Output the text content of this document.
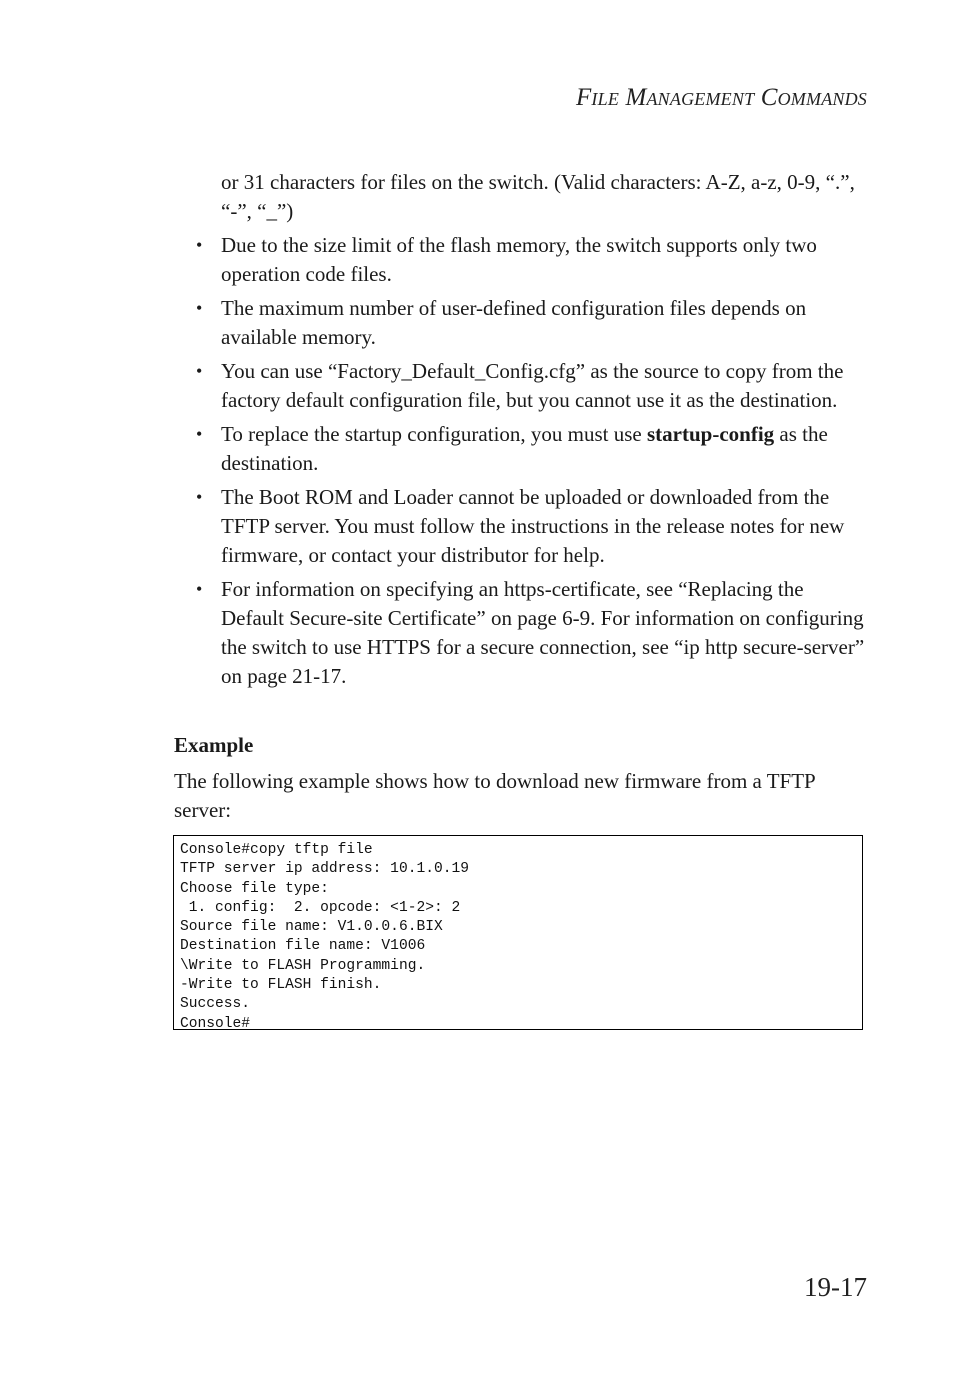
File Management Commands

or 31 characters for files on the switch. (Valid characters: A-Z, a-z, 0-9, “.”, “-”, “_”)

• Due to the size limit of the flash memory, the switch supports only two operation code files.
• The maximum number of user-defined configuration files depends on available memory.
• You can use “Factory_Default_Config.cfg” as the source to copy from the factory default configuration file, but you cannot use it as the destination.
• To replace the startup configuration, you must use startup-config as the destination.
• The Boot ROM and Loader cannot be uploaded or downloaded from the TFTP server. You must follow the instructions in the release notes for new firmware, or contact your distributor for help.
• For information on specifying an https-certificate, see “Replacing the Default Secure-site Certificate” on page 6-9. For information on configuring the switch to use HTTPS for a secure connection, see “ip http secure-server” on page 21-17.
Example

The following example shows how to download new firmware from a TFTP server:

Console#copy tftp file
TFTP server ip address: 10.1.0.19
Choose file type:
1. config:  2. opcode: <1-2>: 2
Source file name: V1.0.0.6.BIX
Destination file name: V1006
\Write to FLASH Programming.
-Write to FLASH finish.
Success.
Console#
19-17
